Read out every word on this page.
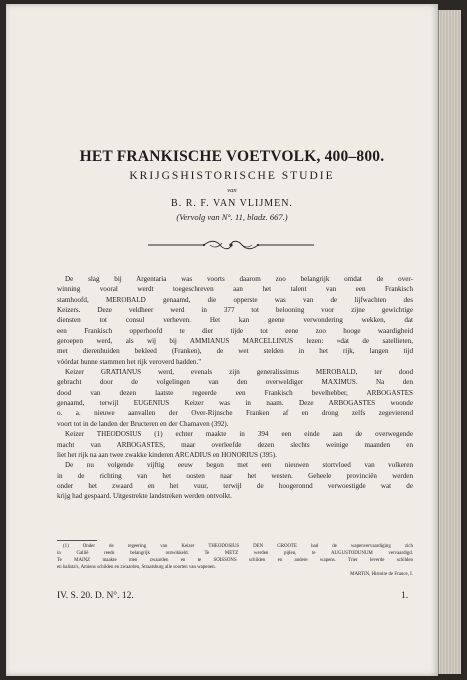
HET FRANKISCHE VOETVOLK, 400–800.
KRIJGSHISTORISCHE STUDIE
van
B. R. F. VAN VLIJMEN.
(Vervolg van N°. 11, bladz. 667.)
De slag bij Argentaria was voorts daarom zoo belangrijk omdat de over-
winning vooral werdt toegeschreven aan het talent van een Frankisch
stamhoofd, MEROBALD genaamd, die opperste was van de lijfwachten des
Keizers. Deze veldheer werd in 377 tot belooning voor zijne gewichtige
diensten tot consul verheven. Het kan geene verwondering wekken, dat
een Frankisch opperhoofd te dier tijde tot eene zoo hooge waardigheid
geroepen werd, als wij bij AMMIANUS MARCELLINUS lezen: »dat de satellieten,
met dierenhuiden bekleed (Franken), de wet stelden in het rijk, langen tijd
vóórdat hunne stammen het rijk veroverd hadden."
Keizer GRATIANUS werd, evenals zijn generalissimus MEROBALD, ter dood
gebracht door de volgelingen van den overweldiger MAXIMUS. Na den
dood van dezen laatste regeerde een Frankisch bevelhebber, ARBOGASTES
genaamd, terwijl EUGENIUS Keizer was in naam. Deze ARBOGASTES woonde
o. a. nieuwe aanvallen der Over-Rijnsche Franken af en drong zelfs zegevierend
voort tot in de landen der Bructeren en der Chamaven (392).
Keizer THEODOSIUS (1) echter maakte in 394 een einde aan de overwegende
macht van ARBOGASTES, maar overleefde dezen slechts weinige maanden en
liet het rijk na aan twee zwakke kinderen ARCADIUS en HONORIUS (395).
De nu volgende vijftig eeuw begon met een nieuwen stortvloed van volkeren
in de richting van het oosten naar het westen. Geheele provinciën werden
onder het zwaard en het vuur, terwijl de hoogeronnd verwoestigde wat de
krijg had gespaard. Uitgestrekte landstreken werden ontvolkt.
(1) Onder de regeering van Keizer THEODOSIUS DEN GROOTE had de wapenvervaardiging zich
in Gallië reeds belangrijk ontwikkeld. Te METZ werden pijlen, te AUGUSTODUNUM vervaardigd.
Te MAINZ maakte men zwaarden en te SOISSONS schilden en andere wapens. Trier leverde schilden
en balista's, Amiens schilden en zwaarden, Straatsburg alle soorten van wapenen.
MARTIN, Histoire de France, I.
IV. S. 20. D. N°. 12.	1.
